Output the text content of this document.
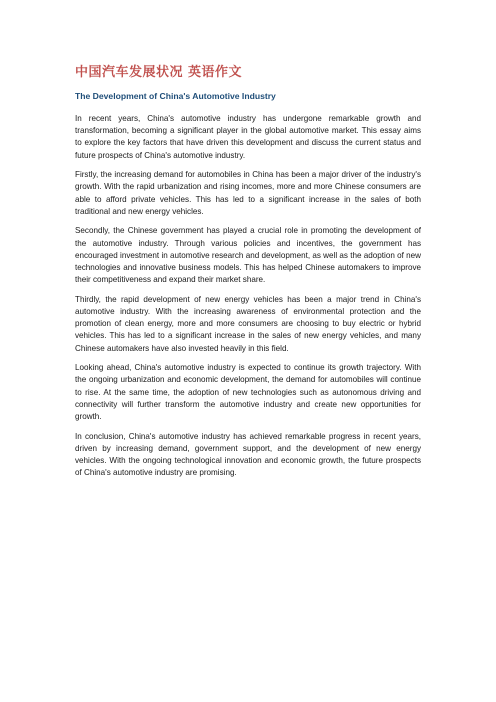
中国汽车发展状况 英语作文
The Development of China's Automotive Industry

In recent years, China's automotive industry has undergone remarkable growth and transformation, becoming a significant player in the global automotive market. This essay aims to explore the key factors that have driven this development and discuss the current status and future prospects of China's automotive industry.

Firstly, the increasing demand for automobiles in China has been a major driver of the industry's growth. With the rapid urbanization and rising incomes, more and more Chinese consumers are able to afford private vehicles. This has led to a significant increase in the sales of both traditional and new energy vehicles.

Secondly, the Chinese government has played a crucial role in promoting the development of the automotive industry. Through various policies and incentives, the government has encouraged investment in automotive research and development, as well as the adoption of new technologies and innovative business models. This has helped Chinese automakers to improve their competitiveness and expand their market share.

Thirdly, the rapid development of new energy vehicles has been a major trend in China's automotive industry. With the increasing awareness of environmental protection and the promotion of clean energy, more and more consumers are choosing to buy electric or hybrid vehicles. This has led to a significant increase in the sales of new energy vehicles, and many Chinese automakers have also invested heavily in this field.

Looking ahead, China's automotive industry is expected to continue its growth trajectory. With the ongoing urbanization and economic development, the demand for automobiles will continue to rise. At the same time, the adoption of new technologies such as autonomous driving and connectivity will further transform the automotive industry and create new opportunities for growth.

In conclusion, China's automotive industry has achieved remarkable progress in recent years, driven by increasing demand, government support, and the development of new energy vehicles. With the ongoing technological innovation and economic growth, the future prospects of China's automotive industry are promising.
